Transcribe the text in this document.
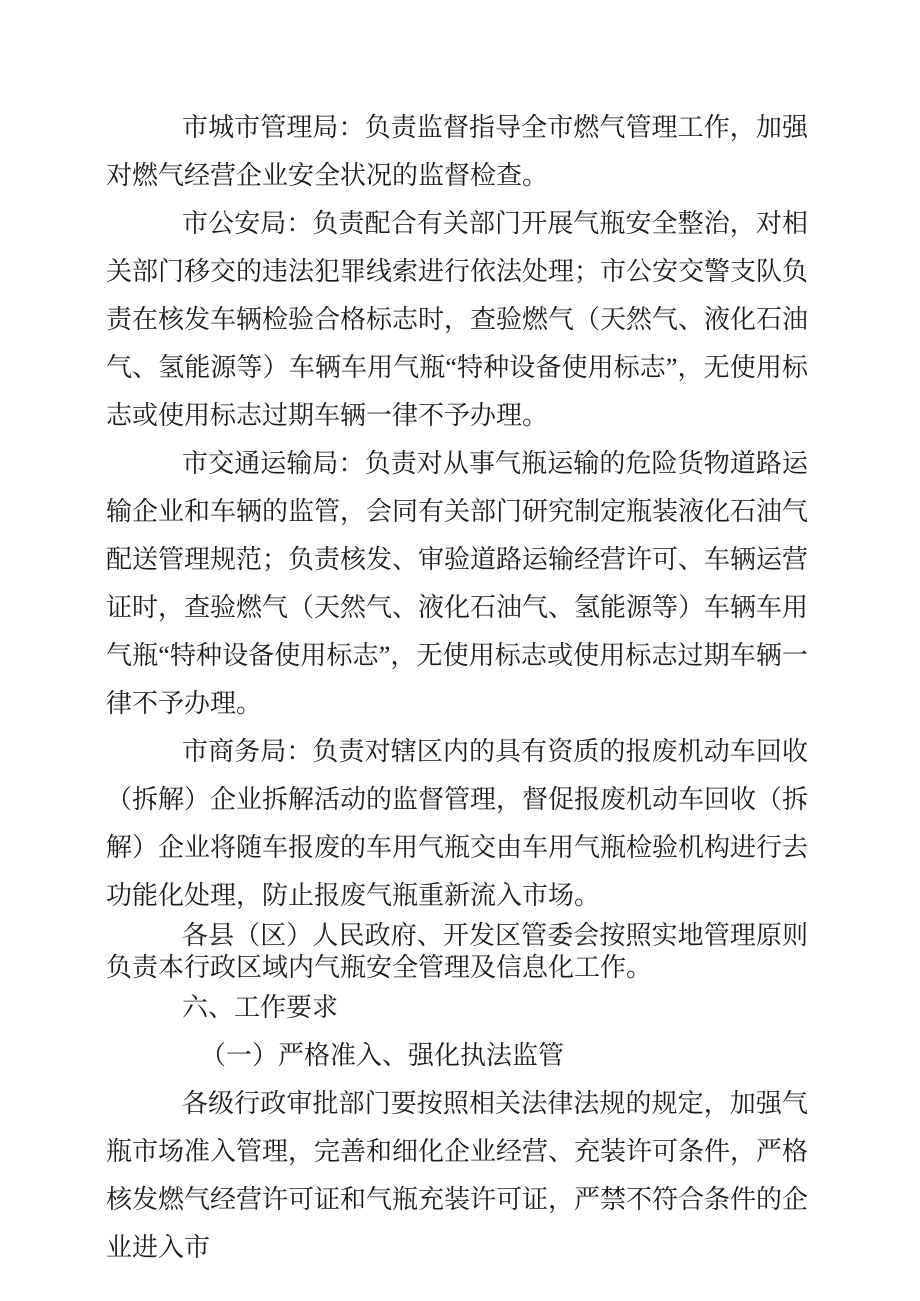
市城市管理局：负责监督指导全市燃气管理工作，加强对燃气经营企业安全状况的监督检查。

市公安局：负责配合有关部门开展气瓶安全整治，对相关部门移交的违法犯罪线索进行依法处理；市公安交警支队负责在核发车辆检验合格标志时，查验燃气（天然气、液化石油气、氢能源等）车辆车用气瓶“特种设备使用标志”，无使用标志或使用标志过期车辆一律不予办理。

市交通运输局：负责对从事气瓶运输的危险货物道路运输企业和车辆的监管，会同有关部门研究制定瓶装液化石油气配送管理规范；负责核发、审验道路运输经营许可、车辆运营证时，查验燃气（天然气、液化石油气、氢能源等）车辆车用气瓶“特种设备使用标志”，无使用标志或使用标志过期车辆一律不予办理。

市商务局：负责对辖区内的具有资质的报废机动车回收（拆解）企业拆解活动的监督管理，督促报废机动车回收（拆解）企业将随车报废的车用气瓶交由车用气瓶检验机构进行去功能化处理，防止报废气瓶重新流入市场。

各县（区）人民政府、开发区管委会按照实地管理原则负责本行政区域内气瓶安全管理及信息化工作。

六、工作要求

（一）严格准入、强化执法监管

各级行政审批部门要按照相关法律法规的规定，加强气瓶市场准入管理，完善和细化企业经营、充装许可条件，严格核发燃气经营许可证和气瓶充装许可证，严禁不符合条件的企业进入市
